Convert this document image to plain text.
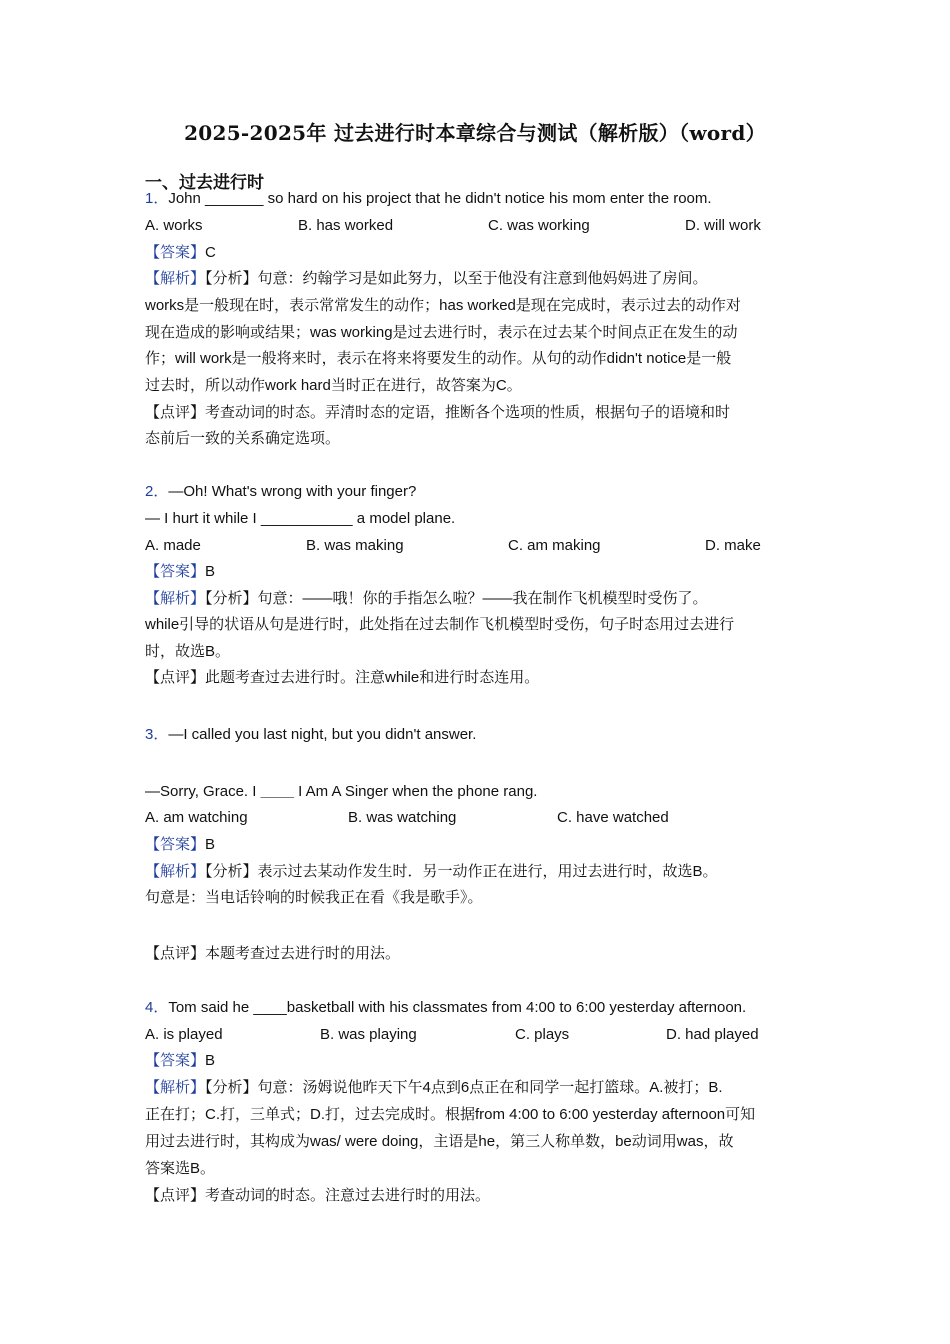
2025-2025年 过去进行时本章综合与测试（解析版）（word）
一、过去进行时
1．John _______ so hard on his project that he didn't notice his mom enter the room.
A. works	B. has worked	C. was working	D. will work
【答案】C
【解析】【分析】句意：约翰学习是如此努力，以至于他没有注意到他妈妈进了房间。
works是一般现在时，表示常常发生的动作；has worked是现在完成时，表示过去的动作对
现在造成的影响或结果；was working是过去进行时，表示在过去某个时间点正在发生的动
作；will work是一般将来时，表示在将来将要发生的动作。从句的动作didn't notice是一般
过去时，所以动作work hard当时正在进行，故答案为C。
【点评】考查动词的时态。弄清时态的定语，推断各个选项的性质，根据句子的语境和时
态前后一致的关系确定选项。
2．—Oh! What's wrong with your finger?
— I hurt it while I ___________ a model plane.
A. made	B. was making	C. am making	D. make
【答案】B
【解析】【分析】句意：——哦！你的手指怎么啦？——我在制作飞机模型时受伤了。
while引导的状语从句是进行时，此处指在过去制作飞机模型时受伤，句子时态用过去进行
时，故选B。
【点评】此题考查过去进行时。注意while和进行时态连用。
3．—I called you last night, but you didn't answer.
—Sorry, Grace. I ____ I Am A Singer when the phone rang.
A. am watching	B. was watching	C. have watched
【答案】B
【解析】【分析】表示过去某动作发生时．另一动作正在进行，用过去进行时，故选B。
句意是：当电话铃响的时候我正在看《我是歌手》。
【点评】本题考查过去进行时的用法。
4．Tom said he ____basketball with his classmates from 4:00 to 6:00 yesterday afternoon.
A. is played	B. was playing	C. plays	D. had played
【答案】B
【解析】【分析】句意：汤姆说他昨天下午4点到6点正在和同学一起打篮球。A.被打；B.
正在打；C.打，三单式；D.打，过去完成时。根据from 4:00 to 6:00 yesterday afternoon可知
用过去进行时，其构成为was/ were doing，主语是he，第三人称单数，be动词用was，故
答案选B。
【点评】考查动词的时态。注意过去进行时的用法。
